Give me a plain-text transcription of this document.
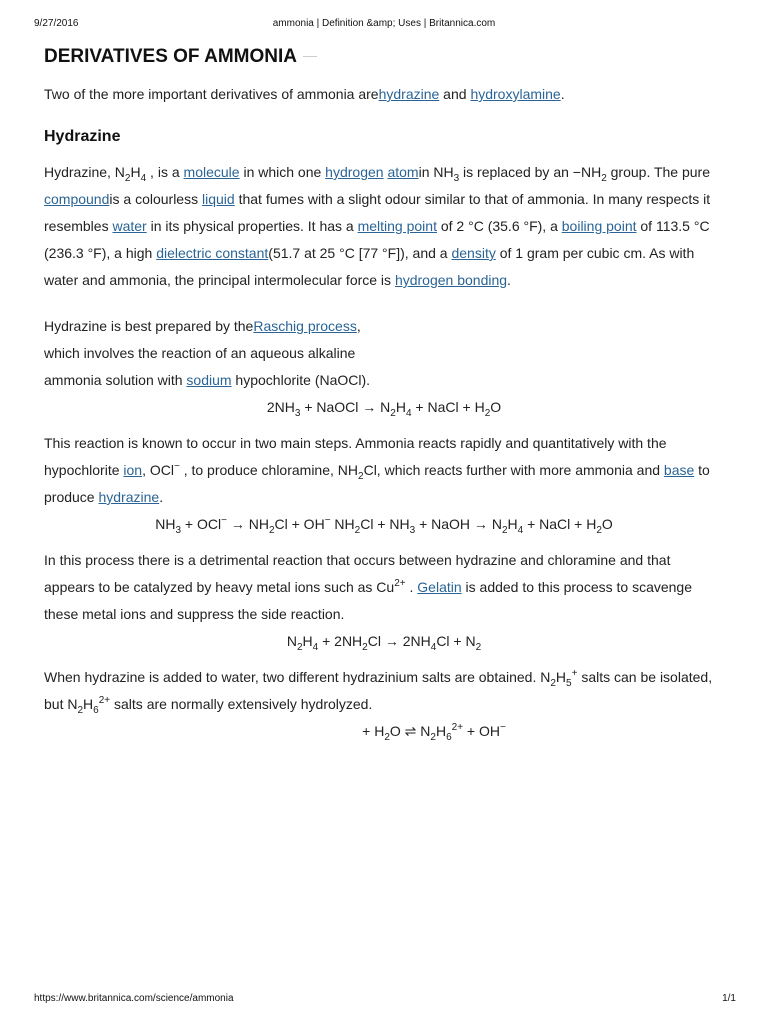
9/27/2016	ammonia | Definition &amp; Uses | Britannica.com
DERIVATIVES OF AMMONIA

Two of the more important derivatives of ammonia arehydrazine and hydroxylamine.

Hydrazine

Hydrazine, $N_2H_4$ , is a molecule in which one hydrogen atomin $NH_3$ is replaced by an $-NH_2$ group. The pure compoundis a colourless liquid that fumes with a slight odour similar to that of ammonia. In many respects it resembles water in its physical properties. It has a melting point of 2 °C (35.6 °F), a boiling point of 113.5 °C (236.3 °F), a high dielectric constant(51.7 at 25 °C [77 °F]), and a density of 1 gram per cubic cm. As with water and ammonia, the principal intermolecular force is hydrogen bonding.

Hydrazine is best prepared by theRaschig process,
which involves the reaction of an aqueous alkaline
ammonia solution with sodium hypochlorite (NaOCl).

$2NH_3$ + NaOCl → $N_2H_4$ + NaCl + $H_2O$

This reaction is known to occur in two main steps. Ammonia reacts rapidly and quantitatively with the hypochlorite ion, OCl− , to produce chloramine, $NH_2Cl$, which reacts further with more ammonia and base to produce hydrazine.

$NH_3 + OCl^- \to NH_2Cl + OH^-$ $NH_2Cl + NH_3$ + NaOH → $N_2H_4$ + NaCl + $H_2O$

In this process there is a detrimental reaction that occurs between hydrazine and chloramine and that appears to be catalyzed by heavy metal ions such as $Cu^{2+}$ . Gelatin is added to this process to scavenge these metal ions and suppress the side reaction.

$N_2H_4 + 2NH_2Cl \to 2NH_4Cl + N_2$

When hydrazine is added to water, two different hydrazinium salts are obtained. $N_2H_5^+$ salts can be isolated, but $N_2H_6^{2+}$ salts are normally extensively hydrolyzed.

+ $H_2O$ ⇌ $N_2H_6^{2+} + OH^-$

https://www.britannica.com/science/ammonia	1/1
